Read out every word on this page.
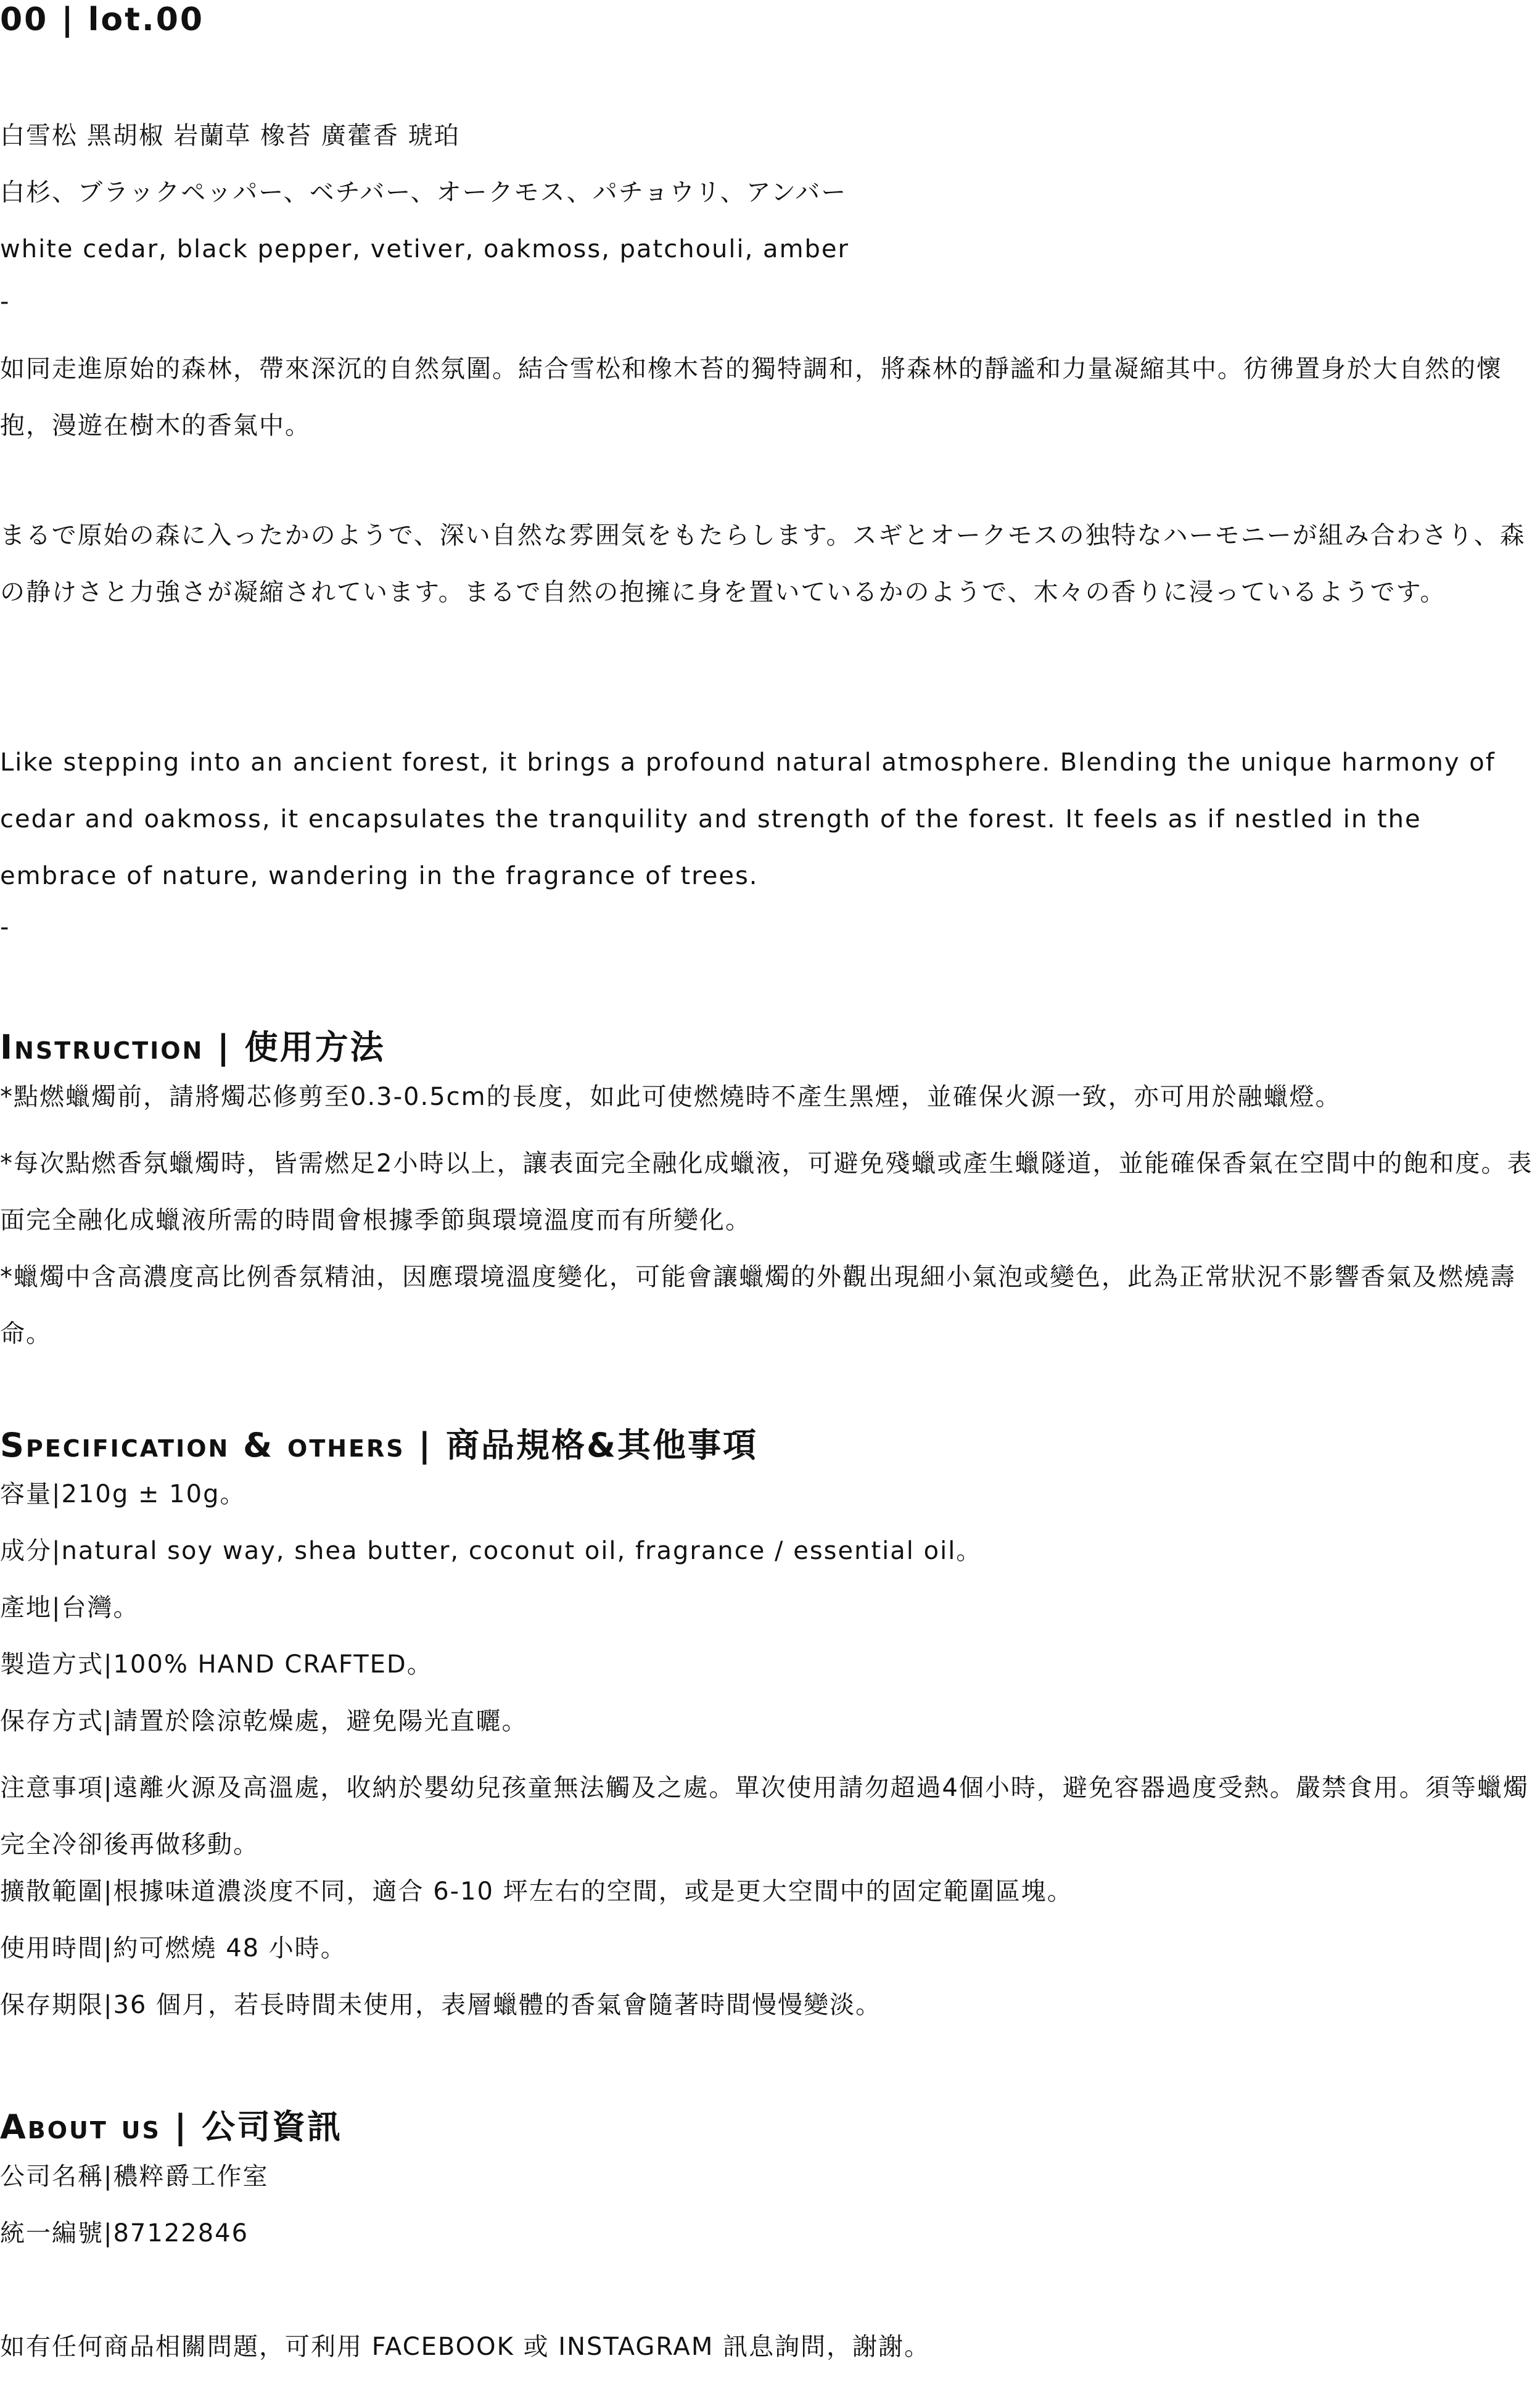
00 | lot.00
白雪松 黑胡椒 岩蘭草 橡苔 廣藿香 琥珀
白杉、ブラックペッパー、ベチバー、オークモス、パチョウリ、アンバー
white cedar, black pepper, vetiver, oakmoss, patchouli, amber
-
如同走進原始的森林，帶來深沉的自然氛圍。結合雪松和橡木苔的獨特調和，將森林的靜謐和力量凝縮其中。彷彿置身於大自然的懷抱，漫遊在樹木的香氣中。
まるで原始の森に入ったかのようで、深い自然な雰囲気をもたらします。スギとオークモスの独特なハーモニーが組み合わさり、森の静けさと力強さが凝縮されています。まるで自然の抱擁に身を置いているかのようで、木々の香りに浸っているようです。
Like stepping into an ancient forest, it brings a profound natural atmosphere. Blending the unique harmony of cedar and oakmoss, it encapsulates the tranquility and strength of the forest. It feels as if nestled in the embrace of nature, wandering in the fragrance of trees.
-
Instruction | 使用方法
*點燃蠟燭前，請將燭芯修剪至0.3-0.5cm的長度，如此可使燃燒時不產生黑煙，並確保火源一致，亦可用於融蠟燈。
*每次點燃香氛蠟燭時，皆需燃足2小時以上，讓表面完全融化成蠟液，可避免殘蠟或產生蠟隧道，並能確保香氣在空間中的飽和度。表面完全融化成蠟液所需的時間會根據季節與環境溫度而有所變化。
*蠟燭中含高濃度高比例香氛精油，因應環境溫度變化，可能會讓蠟燭的外觀出現細小氣泡或變色，此為正常狀況不影響香氣及燃燒壽命。
Specification & others | 商品規格&其他事項
容量|210g ± 10g。
成分|natural soy way, shea butter, coconut oil, fragrance / essential oil。
產地|台灣。
製造方式|100% HAND CRAFTED。
保存方式|請置於陰涼乾燥處，避免陽光直曬。
注意事項|遠離火源及高溫處，收納於嬰幼兒孩童無法觸及之處。單次使用請勿超過4個小時，避免容器過度受熱。嚴禁食用。須等蠟燭完全冷卻後再做移動。
擴散範圍|根據味道濃淡度不同，適合 6-10 坪左右的空間，或是更大空間中的固定範圍區塊。
使用時間|約可燃燒 48 小時。
保存期限|36 個月，若長時間未使用，表層蠟體的香氣會隨著時間慢慢變淡。
About us | 公司資訊
公司名稱|穠粹爵工作室
統一編號|87122846
如有任何商品相關問題，可利用 FACEBOOK 或 INSTAGRAM 訊息詢問，謝謝。
